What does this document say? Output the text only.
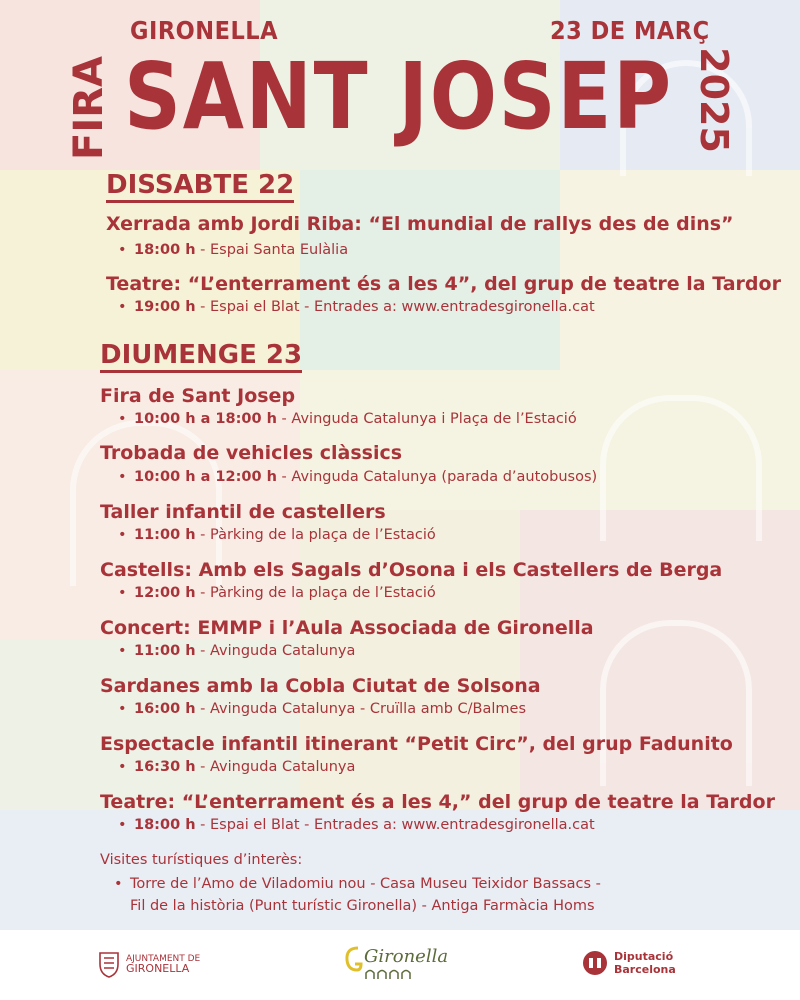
GIRONELLA	23 DE MARÇ
FIRA SANT JOSEP 2025
DISSABTE 22
Xerrada amb Jordi Riba: “El mundial de rallys des de dins”
• 18:00 h - Espai Santa Eulàlia
Teatre: “L’enterrament és a les 4”, del grup de teatre la Tardor
• 19:00 h - Espai el Blat - Entrades a: www.entradesgironella.cat
DIUMENGE 23
Fira de Sant Josep
• 10:00 h a 18:00 h - Avinguda Catalunya i Plaça de l’Estació
Trobada de vehicles clàssics
• 10:00 h a 12:00 h - Avinguda Catalunya (parada d’autobusos)
Taller infantil de castellers
• 11:00 h - Pàrking de la plaça de l’Estació
Castells: Amb els Sagals d’Osona i els Castellers de Berga
• 12:00 h - Pàrking de la plaça de l’Estació
Concert: EMMP i l’Aula Associada de Gironella
• 11:00 h - Avinguda Catalunya
Sardanes amb la Cobla Ciutat de Solsona
• 16:00 h - Avinguda Catalunya - Cruïlla amb C/Balmes
Espectacle infantil itinerant “Petit Circ”, del grup Fadunito
• 16:30 h - Avinguda Catalunya
Teatre: “L’enterrament és a les 4,” del grup de teatre la Tardor
• 18:00 h - Espai el Blat - Entrades a: www.entradesgironella.cat
Visites turístiques d’interès:
• Torre de l’Amo de Viladomiu nou - Casa Museu Teixidor Bassacs -
Fil de la història (Punt turístic Gironella) - Antiga Farmàcia Homs
AJUNTAMENT DE
GIRONELLA
Gironella	Diputació
Barcelona
